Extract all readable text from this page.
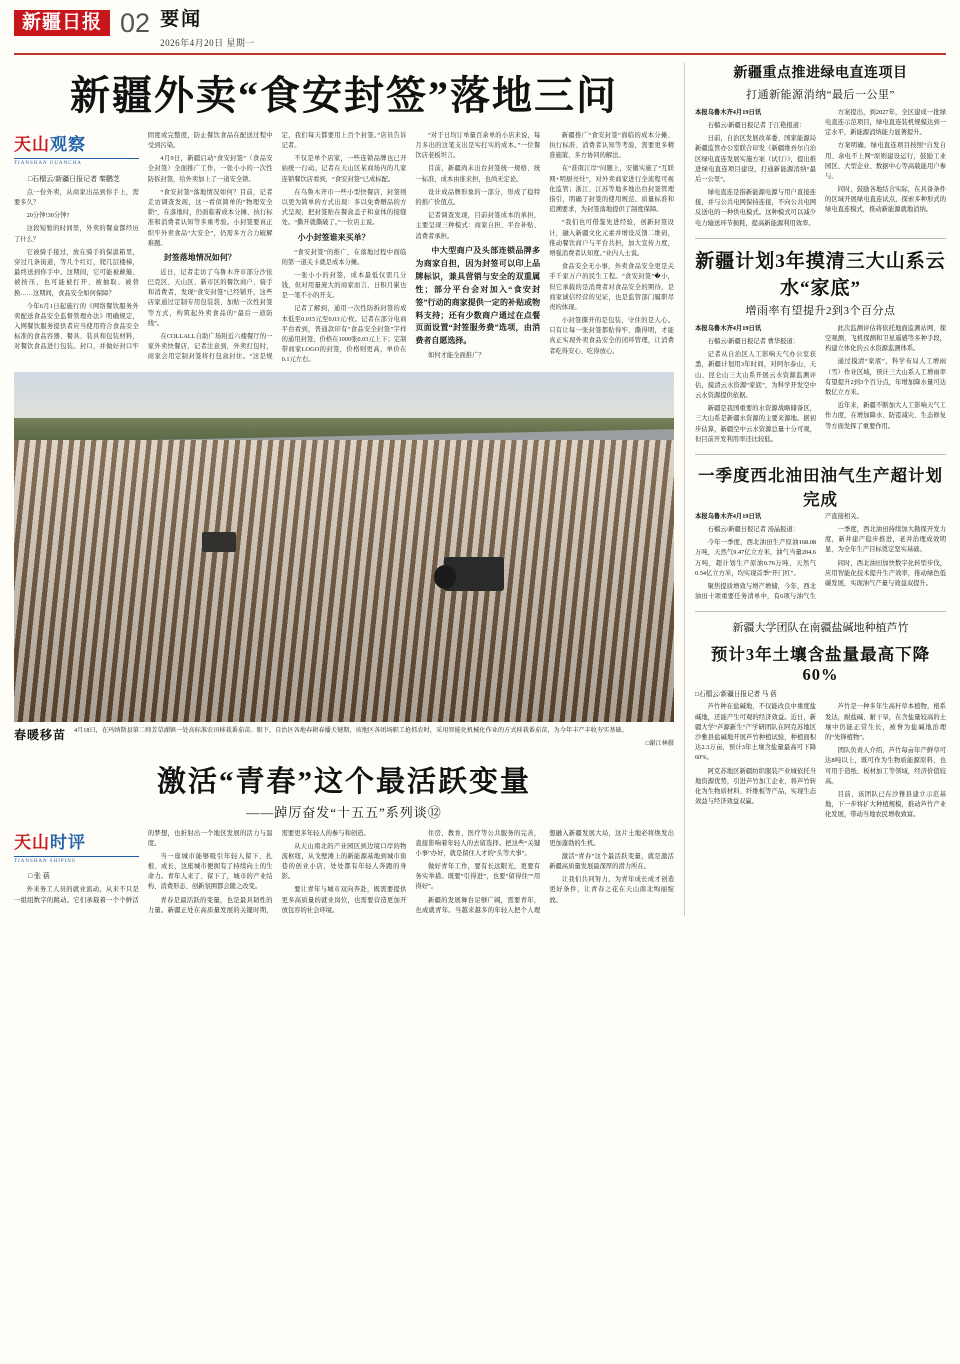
新疆日报 02 要闻
2026年4月20日 星期一
新疆外卖“食安封签”落地三问
天山观察
TIANSHAN GUANCHA

□石榴云/新疆日报记者 秦鹏芝

点一份外卖，从商家出品到你手上，需要多久？

20分钟!30分钟?

这段短暂的时间里，外卖的餐盒都经历了什么？

它被骑手接过，放在骑手的保温箱里，穿过几条街道，等几个红灯，爬几层楼梯，最终送到你手中。这期间，它可能被颠簸、被按压，也可能被打开、被抽取、被替换……这期间，食品安全如何保障？

今年6月1日起施行的《网络餐饮服务外卖配送食品安全监督管理办法》明确规定，入网餐饮服务提供者应当使用符合食品安全标准的食品容器、餐具、装具和包装材料，对餐饮食品进行包装。封口，并做好封口牢固度或完整度，防止餐饮食品在配送过程中受到污染。

4月9日，新疆启动“食安封签”（食品安全封签）全面推广工作，一张小小的一次性防拆封签，给外卖加上了一道安全锁。

“食安封签”落地情况如何？目前，记者走访调查发现，这一看似简单的“物理安全锁”，在落地时，仍面临着成本分摊、执行标准和消费者认知等多重考验。小封签要真正织牢外卖食品“大安全”，仍需多方合力破解难题。

封签落地情况如何？

近日，记者走访了乌鲁木齐市部分沙依巴克区、天山区、新市区的餐饮商户、骑手和消费者，发现“食安封签”已经铺开，这些店家通过定制专用包装袋、加贴一次性封签等方式，构筑起外卖食品的“最后一道防线”。

在COLLALL自助广场附近六楼餐厅的一家外卖快餐店，记者注意到，外卖打包时，商家会用定制封签将打包盒封住。“这是规定，我们每天都要用上百个封签。”店员告诉记者。

不仅是单个店家，一些连锁品牌也已开始统一行动。记者在天山区某商场内的几家连锁餐饮店看到，“食安封签”已成标配。

在乌鲁木齐市一些小型快餐店，封签则以更为简单的方式出现：多以免费赠品的方式呈现，把封签贴在餐盒盖子和盒体的接缝处。“撕开就撕破了。”一位店主说。

小小封签谁来买单？

“食安封签”的推广，在落地过程中面临的第一道关卡就是成本分摊。

一张小小的封签，成本最低仅需几分钱，但对用量庞大的商家而言，日积月累也是一笔不小的开支。

记者了解到，通用一次性防拆封签的成本低至0.015元至0.03元/枚。记者在部分电商平台看到，普通款印有“食品安全封签”字样的通用封签，价格在1000张0.03元上下；定制带商家LOGO的封签，价格则更高，单价在0.1元左右。

“对于日均订单量百余单的小店来说，每月多出的这笔支出是实打实的成本。”一位餐饮店老板坦言。

目前，新疆尚未出台封签统一规格、统一标准，成本由谁来担，也尚无定论。

设计成品牌形象的一部分，形成了稳特的推广价值点。

记者调查发现，目前封签成本的承担，主要呈现三种模式：商家自担、平台补贴、消费者承担。

中大型商户及头部连锁品牌多为商家自担，因为封签可以印上品牌标识，兼具营销与安全的双重属性；部分平台会对加入“食安封签”行动的商家提供一定的补贴或物料支持；还有少数商户通过在点餐页面设置“封签服务费”选项，由消费者自愿选择。

如何才能全面推广？

新疆推广“食安封签”面临的成本分摊、执行标准、消费者认知等考验，需要更多精准施策、多方协同的解法。

在“准南江岸”问题上，安徽实施了“互联网+明厨亮灶”，对外卖商家进行全流程可视化监管；浙江、江苏等地多地出台封签管理指引，明确了封签的使用规范、质量标准和追溯要求，为封签落地提供了制度保障。

“我们也可借鉴先进经验，创新封签设计，融入新疆文化元素并增设反馈二维码，推动餐饮商户与平台共担，加大宣传力度，增强消费者认知度。”业内人士说。

食品安全无小事，外卖食品安全更是关乎千家万户的民生工程。“食安封签”�小，但它承载的是消费者对食品安全的期待，是商家诚信经营的见证，也是监管部门履职尽责的体现。

小封签撕开的是包装，守住的是人心。只有让每一张封签都贴得牢、撕得明，才能真正实现外卖食品安全的闭环管理，让消费者吃得安心、吃得放心。

春暖移苗 4月18日，在玛纳斯县第二师芳草湖镇一处高标准农田移栽番茄苗。眼下，自治区各地春耕春播关键期，该地区各团场职工抢抓农时，采用智能化机械化作业的方式移栽番茄苗，为今年丰产丰收夯实基础。
□谢江林摄
激活“青春”这个最活跃变量
——踔厉奋发“十五五”系列谈⑫
天山时评
TIANSHAN SHIPING

□ 张 蓓

外来务工人员的就业流动，从来不只是一组组数字的跳动。它们承载着一个个鲜活的梦想，也折射出一个地区发展的活力与温度。

当一座城市能够吸引年轻人留下、扎根、成长，这座城市便拥有了持续向上的生命力。青年人来了、留下了，城市的产业结构、消费形态、创新氛围都会随之改变。

青春是最活跃的变量，也是最具韧性的力量。新疆正处在高质量发展的关键时期，需要更多年轻人的参与和创造。

从天山南北的产业园区到边境口岸的物流枢纽，从戈壁滩上的新能源基地到城市街巷的创业小店，处处都有年轻人奔跑的身影。

要让青年与城市双向奔赴，既需要提供更多高质量的就业岗位，也需要营造更加开放包容的社会环境。

住房、教育、医疗等公共服务的完善，直接影响着年轻人的去留选择。把这些“关键小事”办好，就是留住人才的“头等大事”。

做好青年工作，要有长远眼光，更要有务实举措。既要“引得进”，也要“留得住”“用得好”。

新疆的发展舞台足够广阔，需要青年，也成就青年。当越来越多的年轻人把个人理想融入新疆发展大局，这片土地必将焕发出更加蓬勃的生机。

激活“青春”这个最活跃变量，就是激活新疆高质量发展最深厚的潜力所在。

让我们共同努力，为青年成长成才创造更好条件，让青春之花在天山南北绚丽绽放。

新疆重点推进绿电直连项目
打通新能源消纳“最后一公里”

本报乌鲁木齐4月19日讯

石榴云/新疆日报记者 于江艳报道：

日前，自治区发展改革委、国家能源局新疆监管办公室联合印发《新疆维吾尔自治区绿电直连发展实施方案（试行）》，提出推进绿电直连项目建设，打通新能源消纳“最后一公里”。

绿电直连是指新能源电源与用户直接连接，并与公共电网保持连接，不向公共电网反送电的一种供电模式。这种模式可以减少电力输送环节损耗，提高新能源利用效率。

方案提出，到2027年，全区建成一批绿电直连示范项目，绿电直连装机规模达到一定水平，新能源消纳能力显著提升。

方案明确，绿电直连项目按照“自发自用、余电不上网”原则建设运行，鼓励工业园区、大型企业、数据中心等高载能用户参与。

同时，鼓励各地结合实际，在具备条件的区域开展绿电直连试点，探索多种形式的绿电直连模式，推动新能源就地消纳。

新疆计划3年摸清三大山系云水“家底”
增雨率有望提升2到3个百分点

本报乌鲁木齐4月19日讯

石榴云/新疆日报记者 曹华报道：

记者从自治区人工影响天气办公室获悉，新疆计划用3年时间，对阿尔泰山、天山、昆仑山三大山系开展云水资源监测评估，摸清云水资源“家底”，为科学开发空中云水资源提供依据。

新疆是我国重要的水资源战略储备区，三大山系是新疆水资源的主要来源地。据初步估算，新疆空中云水资源总量十分可观，但目前开发利用率还比较低。

此次监测评估将依托地面监测站网、探空观测、飞机探测和卫星遥感等多种手段，构建立体化的云水资源监测体系。

通过摸清“家底”，科学布局人工增雨（雪）作业区域，预计三大山系人工增雨率有望提升2到3个百分点，年增加降水量可达数亿立方米。

近年来，新疆不断加大人工影响天气工作力度，在增加降水、防雹减灾、生态修复等方面发挥了重要作用。

一季度西北油田油气生产超计划完成

本报乌鲁木齐4月19日讯

石榴云/新疆日报记者 汤晶报道：

今年一季度，西北油田生产原油168.08万吨，天然气9.47亿立方米，油气当量204.6万吨，超计划生产原油0.76万吨、天然气0.54亿立方米，均实现首季“开门红”。

聚焦提质增效与增产增储，今年，西北油田十项重要任务清单中，有6项与油气生产直接相关。

一季度，西北油田持续加大勘探开发力度，新井建产稳步推进，老井治理成效明显，为全年生产目标奠定坚实基础。

同时，西北油田加快数字化转型步伐，应用智能化技术提升生产效率，推动绿色低碳发展，实现油气产量与效益双提升。

新疆大学团队在南疆盐碱地种植芦竹
预计3年土壤含盐量最高下降60%
□石榴云/新疆日报记者 马 蓓

芦竹种在盐碱地，不仅能改良中重度盐碱地，还能产生可观的经济效益。近日，新疆大学“芦源新生”产学研团队在阿克苏地区沙雅县盐碱地开展芦竹种植试验，种植面积达2.3万亩，预计3年土壤含盐量最高可下降60%。

阿克苏地区新疆纺织服装产业城依托当地资源优势，引进芦竹加工企业，将芦竹转化为生物质材料、纤维板等产品，实现生态效益与经济效益双赢。

芦竹是一种多年生高秆草本植物，根系发达，耐盐碱、耐干旱，在含盐量较高的土壤中仍能正常生长，被誉为盐碱地治理的“先锋植物”。

团队负责人介绍，芦竹每亩年产鲜草可达8吨以上，既可作为生物质能源原料，也可用于造纸、板材加工等领域，经济价值较高。

目前，该团队已在沙雅县建立示范基地，下一步将扩大种植规模，推动芦竹产业化发展，带动当地农民增收致富。
